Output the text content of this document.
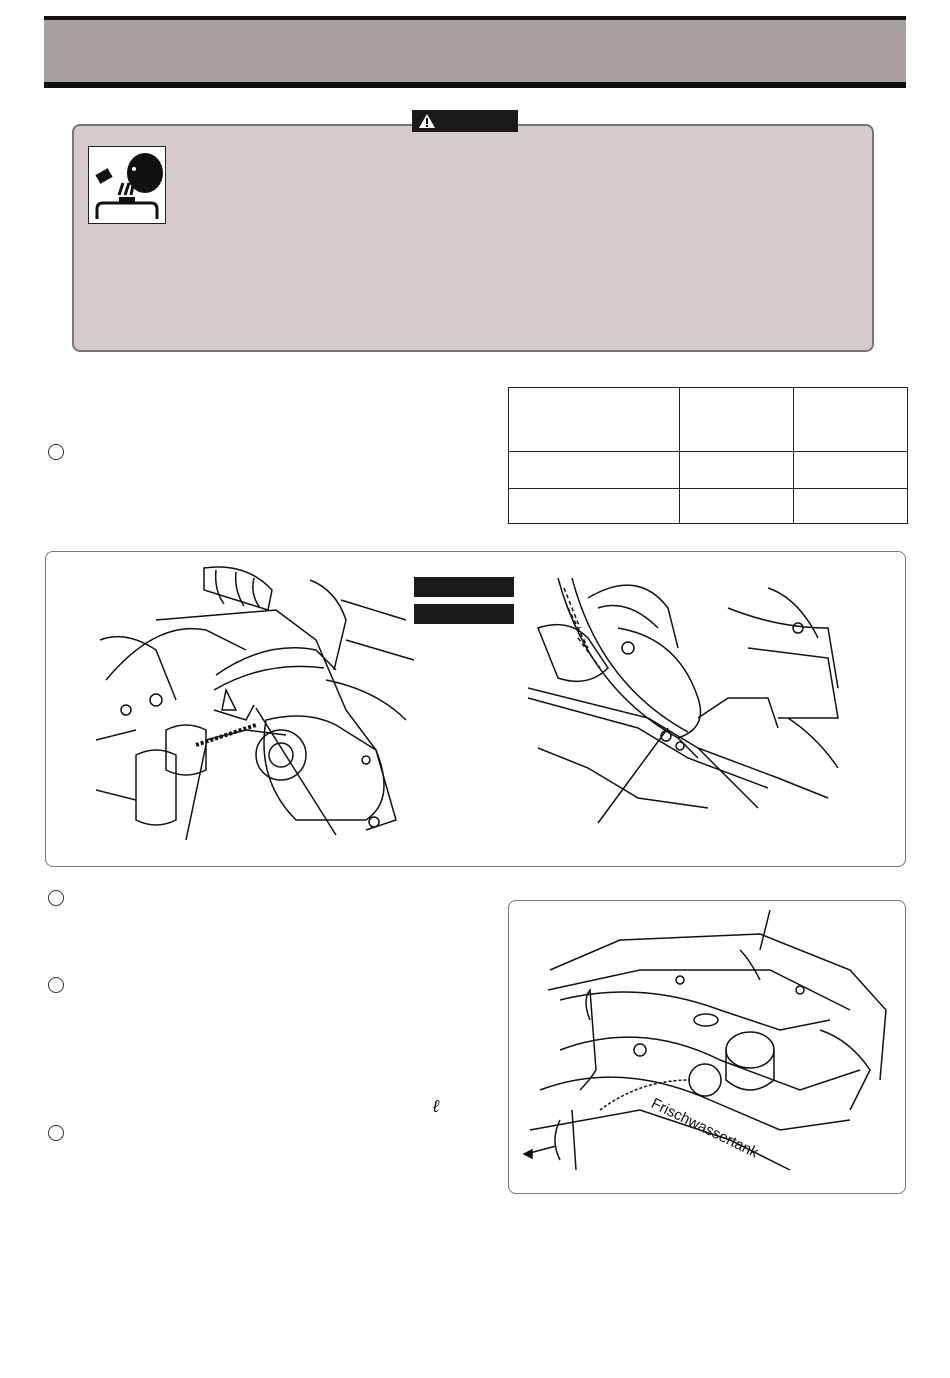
ℓ	Frischwassertank
